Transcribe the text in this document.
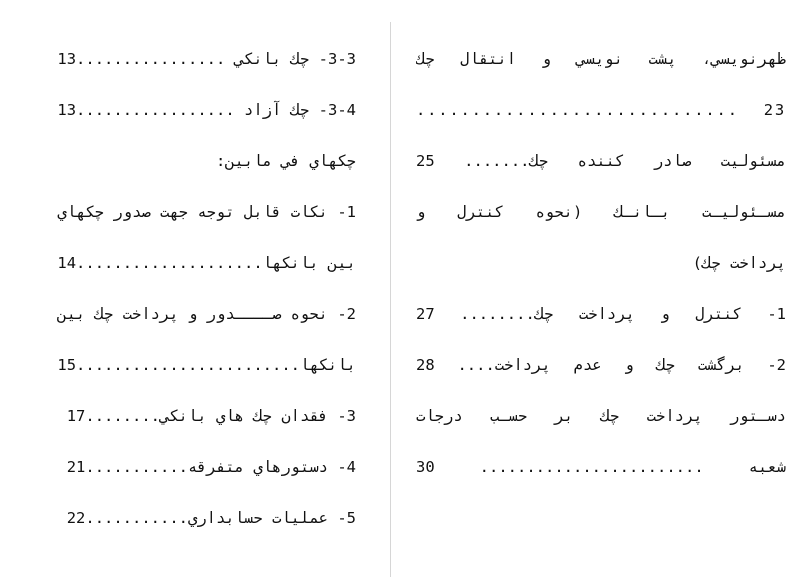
ظهرنويسي، پشت نويسي و انتقال چك
23 .............................
مسئوليت صادر كننده چك....... 25
مسـئوليـت بـانـك (نحوه كنترل و
پرداخت چك)
1- كنترل و پرداخت چك........ 27
2- برگشت چك و عدم پرداخت.... 28
دسـتور پرداخت چك بر حسـب درجات
شعبه ........................ 30
3-3- چك بانكي ................13
3-4- چك آزاد .................13
چكهاي في مابين:
1- نكات قابل توجه جهت صدور چكهاي
بين بانكها....................14
2- نحوه صــــدور و پرداخت چك بين
بانكها........................15
3- فقدان چك هاي بانكي........17
4- دستورهاي متفرقه...........21
5- عمليات حسابداري...........22
